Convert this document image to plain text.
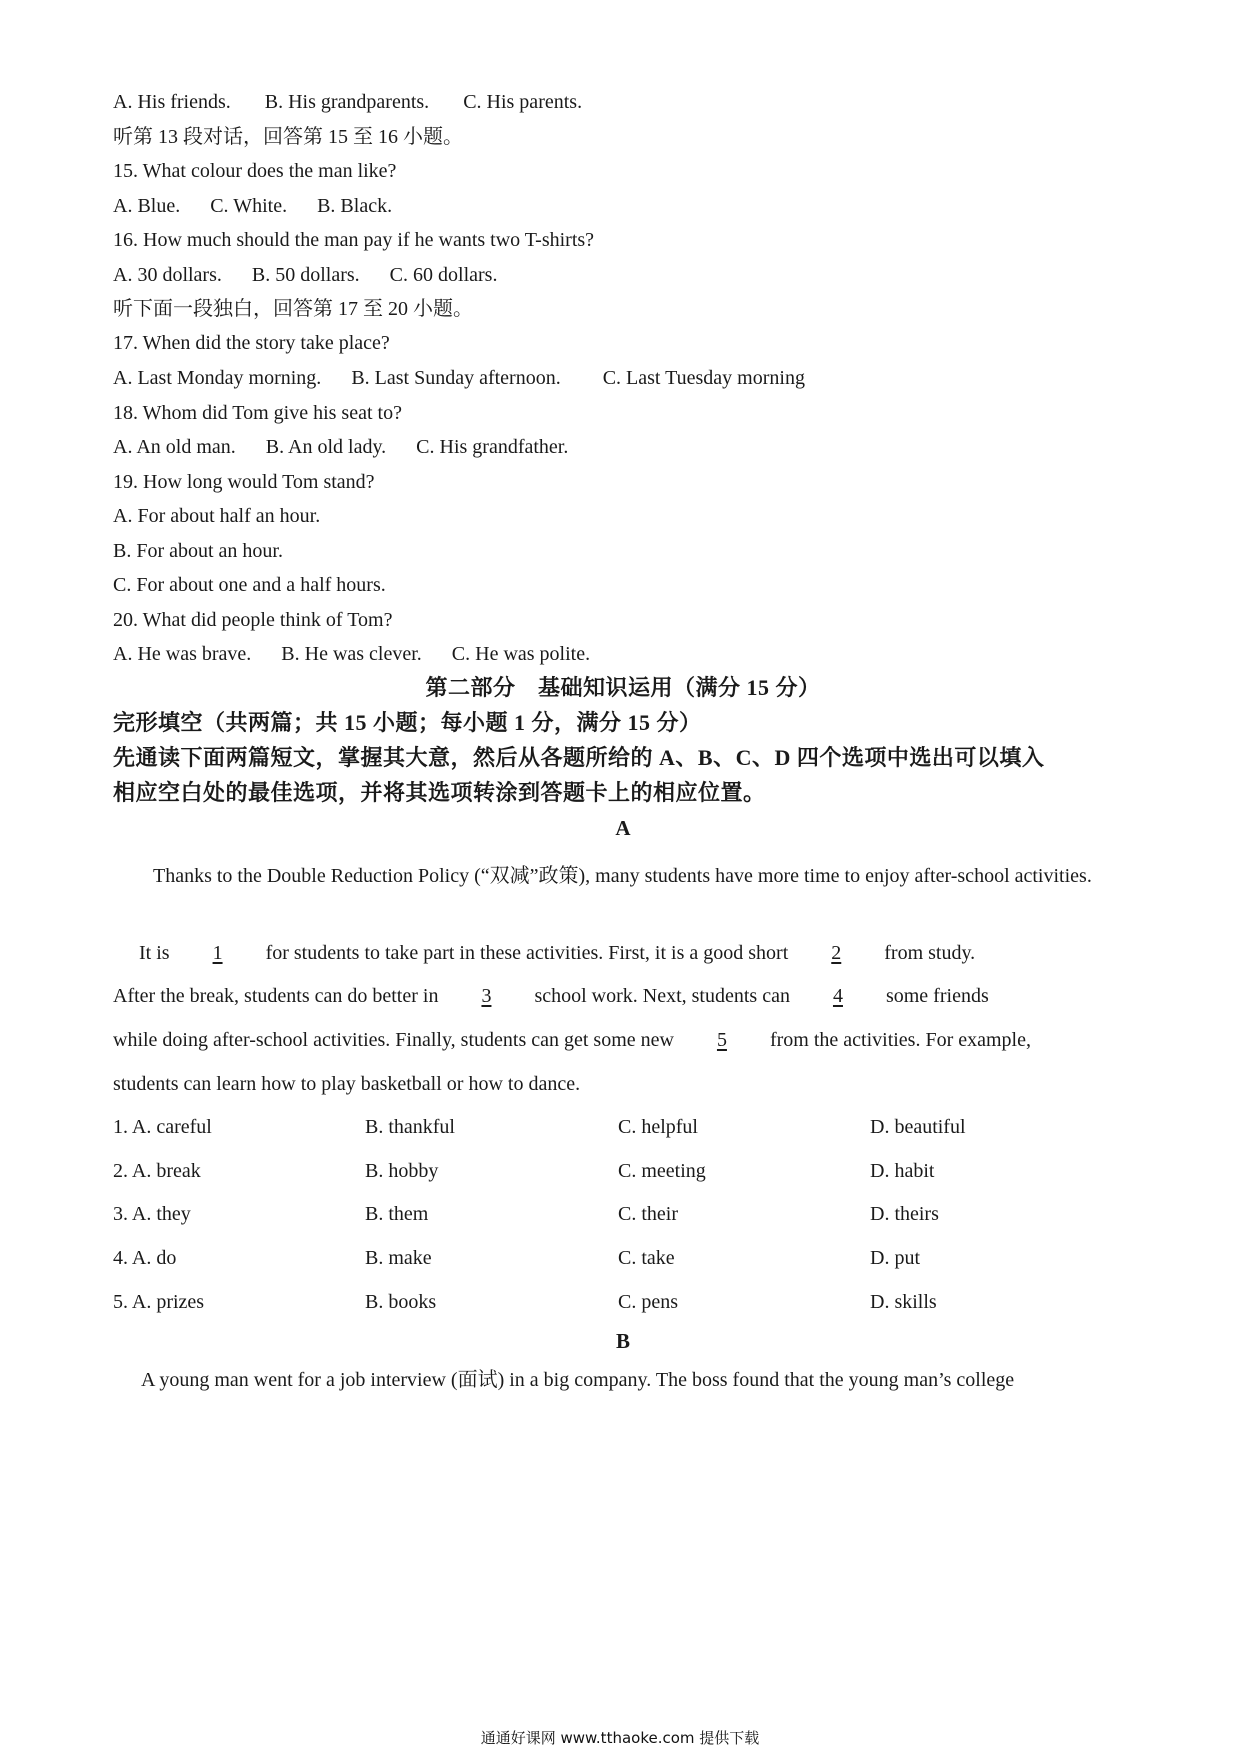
A. His friends. B. His grandparents. C. His parents.
听第 13 段对话，回答第 15 至 16 小题。
15. What colour does the man like?
A. Blue. C. White. B. Black.
16. How much should the man pay if he wants two T-shirts?
A. 30 dollars. B. 50 dollars. C. 60 dollars.
听下面一段独白，回答第 17 至 20 小题。
17. When did the story take place?
A. Last Monday morning. B. Last Sunday afternoon. C. Last Tuesday morning
18. Whom did Tom give his seat to?
A. An old man. B. An old lady. C. His grandfather.
19. How long would Tom stand?
A. For about half an hour.
B. For about an hour.
C. For about one and a half hours.
20. What did people think of Tom?
A. He was brave. B. He was clever. C. He was polite.
第二部分　基础知识运用（满分 15 分）
完形填空（共两篇；共 15 小题；每小题 1 分，满分 15 分）
先通读下面两篇短文，掌握其大意，然后从各题所给的 A、B、C、D 四个选项中选出可以填入
相应空白处的最佳选项，并将其选项转涂到答题卡上的相应位置。
A
Thanks to the Double Reduction Policy (“双减”政策), many students have more time to enjoy after-school activities.
It is 1 for students to take part in these activities. First, it is a good short 2 from study.
After the break, students can do better in 3 school work. Next, students can 4 some friends
while doing after-school activities. Finally, students can get some new 5 from the activities. For example,
students can learn how to play basketball or how to dance.
1. A. careful	B. thankful	C. helpful	D. beautiful
2. A. break	B. hobby	C. meeting	D. habit
3. A. they	B. them	C. their	D. theirs
4. A. do	B. make	C. take	D. put
5. A. prizes	B. books	C. pens	D. skills
B
A young man went for a job interview (面试) in a big company. The boss found that the young man’s college
通通好课网 www.tthaoke.com 提供下载
